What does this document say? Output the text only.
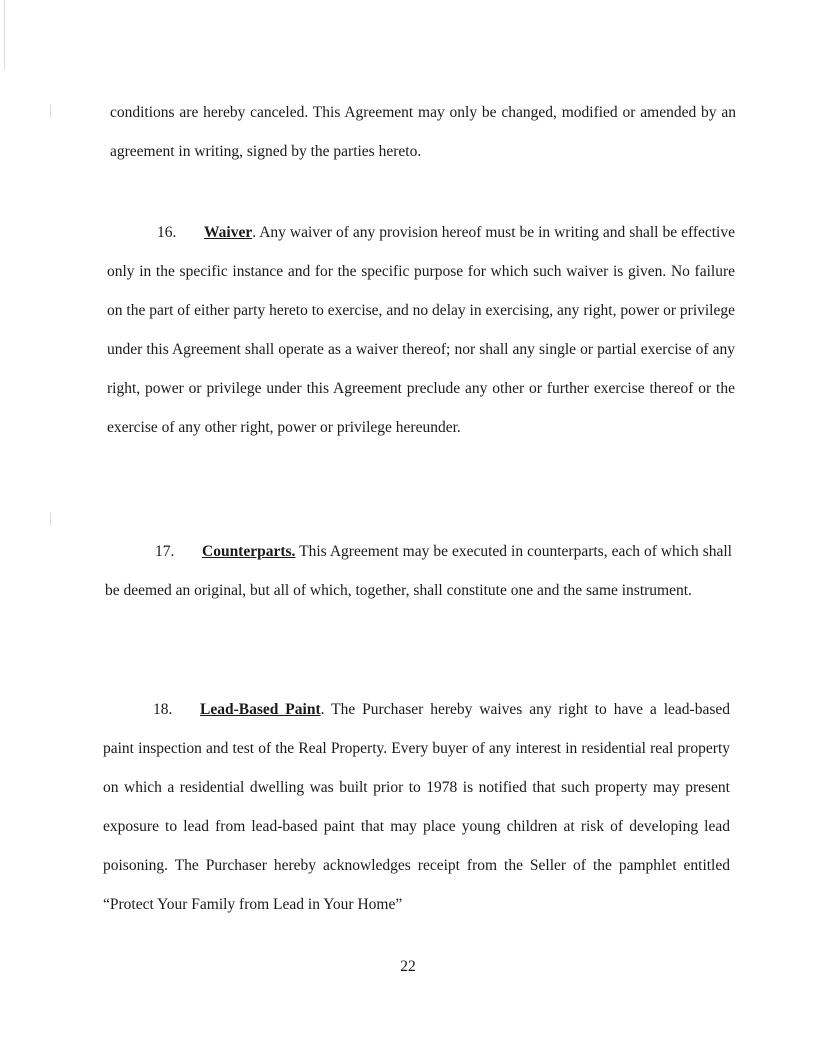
conditions are hereby canceled. This Agreement may only be changed, modified or amended by an agreement in writing, signed by the parties hereto.

16. Waiver. Any waiver of any provision hereof must be in writing and shall be effective only in the specific instance and for the specific purpose for which such waiver is given. No failure on the part of either party hereto to exercise, and no delay in exercising, any right, power or privilege under this Agreement shall operate as a waiver thereof; nor shall any single or partial exercise of any right, power or privilege under this Agreement preclude any other or further exercise thereof or the exercise of any other right, power or privilege hereunder.

17. Counterparts. This Agreement may be executed in counterparts, each of which shall be deemed an original, but all of which, together, shall constitute one and the same instrument.

18. Lead-Based Paint. The Purchaser hereby waives any right to have a lead-based paint inspection and test of the Real Property. Every buyer of any interest in residential real property on which a residential dwelling was built prior to 1978 is notified that such property may present exposure to lead from lead-based paint that may place young children at risk of developing lead poisoning. The Purchaser hereby acknowledges receipt from the Seller of the pamphlet entitled “Protect Your Family from Lead in Your Home”

22
